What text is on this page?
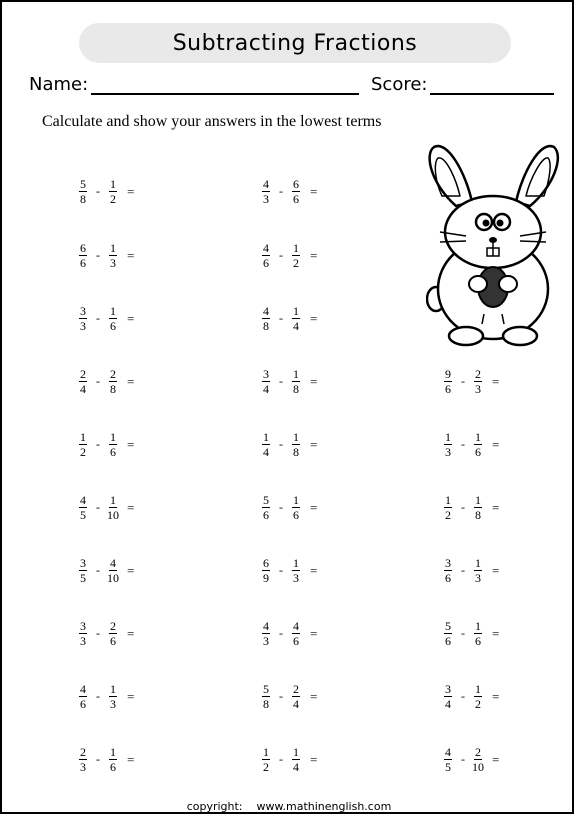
Subtracting Fractions
Name:	Score:
Calculate and show your answers in the lowest terms
$\frac{5}{8} - \frac{1}{2}$ =	$\frac{4}{3} - \frac{6}{6}$ =
$\frac{6}{6} - \frac{1}{3}$ =	$\frac{4}{6} - \frac{1}{2}$ =
$\frac{3}{3} - \frac{1}{6}$ =	$\frac{4}{8} - \frac{1}{4}$ =
$\frac{2}{4} - \frac{2}{8}$ =	$\frac{3}{4} - \frac{1}{8}$ =	$\frac{9}{6} - \frac{2}{3}$ =
$\frac{1}{2} - \frac{1}{6}$ =	$\frac{1}{4} - \frac{1}{8}$ =	$\frac{1}{3} - \frac{1}{6}$ =
$\frac{4}{5} - \frac{1}{10}$ =	$\frac{5}{6} - \frac{1}{6}$ =	$\frac{1}{2} - \frac{1}{8}$ =
$\frac{3}{5} - \frac{4}{10}$ =	$\frac{6}{9} - \frac{1}{3}$ =	$\frac{3}{6} - \frac{1}{3}$ =
$\frac{3}{3} - \frac{2}{6}$ =	$\frac{4}{3} - \frac{4}{6}$ =	$\frac{5}{6} - \frac{1}{6}$ =
$\frac{4}{6} - \frac{1}{3}$ =	$\frac{5}{8} - \frac{2}{4}$ =	$\frac{3}{4} - \frac{1}{2}$ =
$\frac{2}{3} - \frac{1}{6}$ =	$\frac{1}{2} - \frac{1}{4}$ =	$\frac{4}{5} - \frac{2}{10}$ =
copyright: www.mathinenglish.com
